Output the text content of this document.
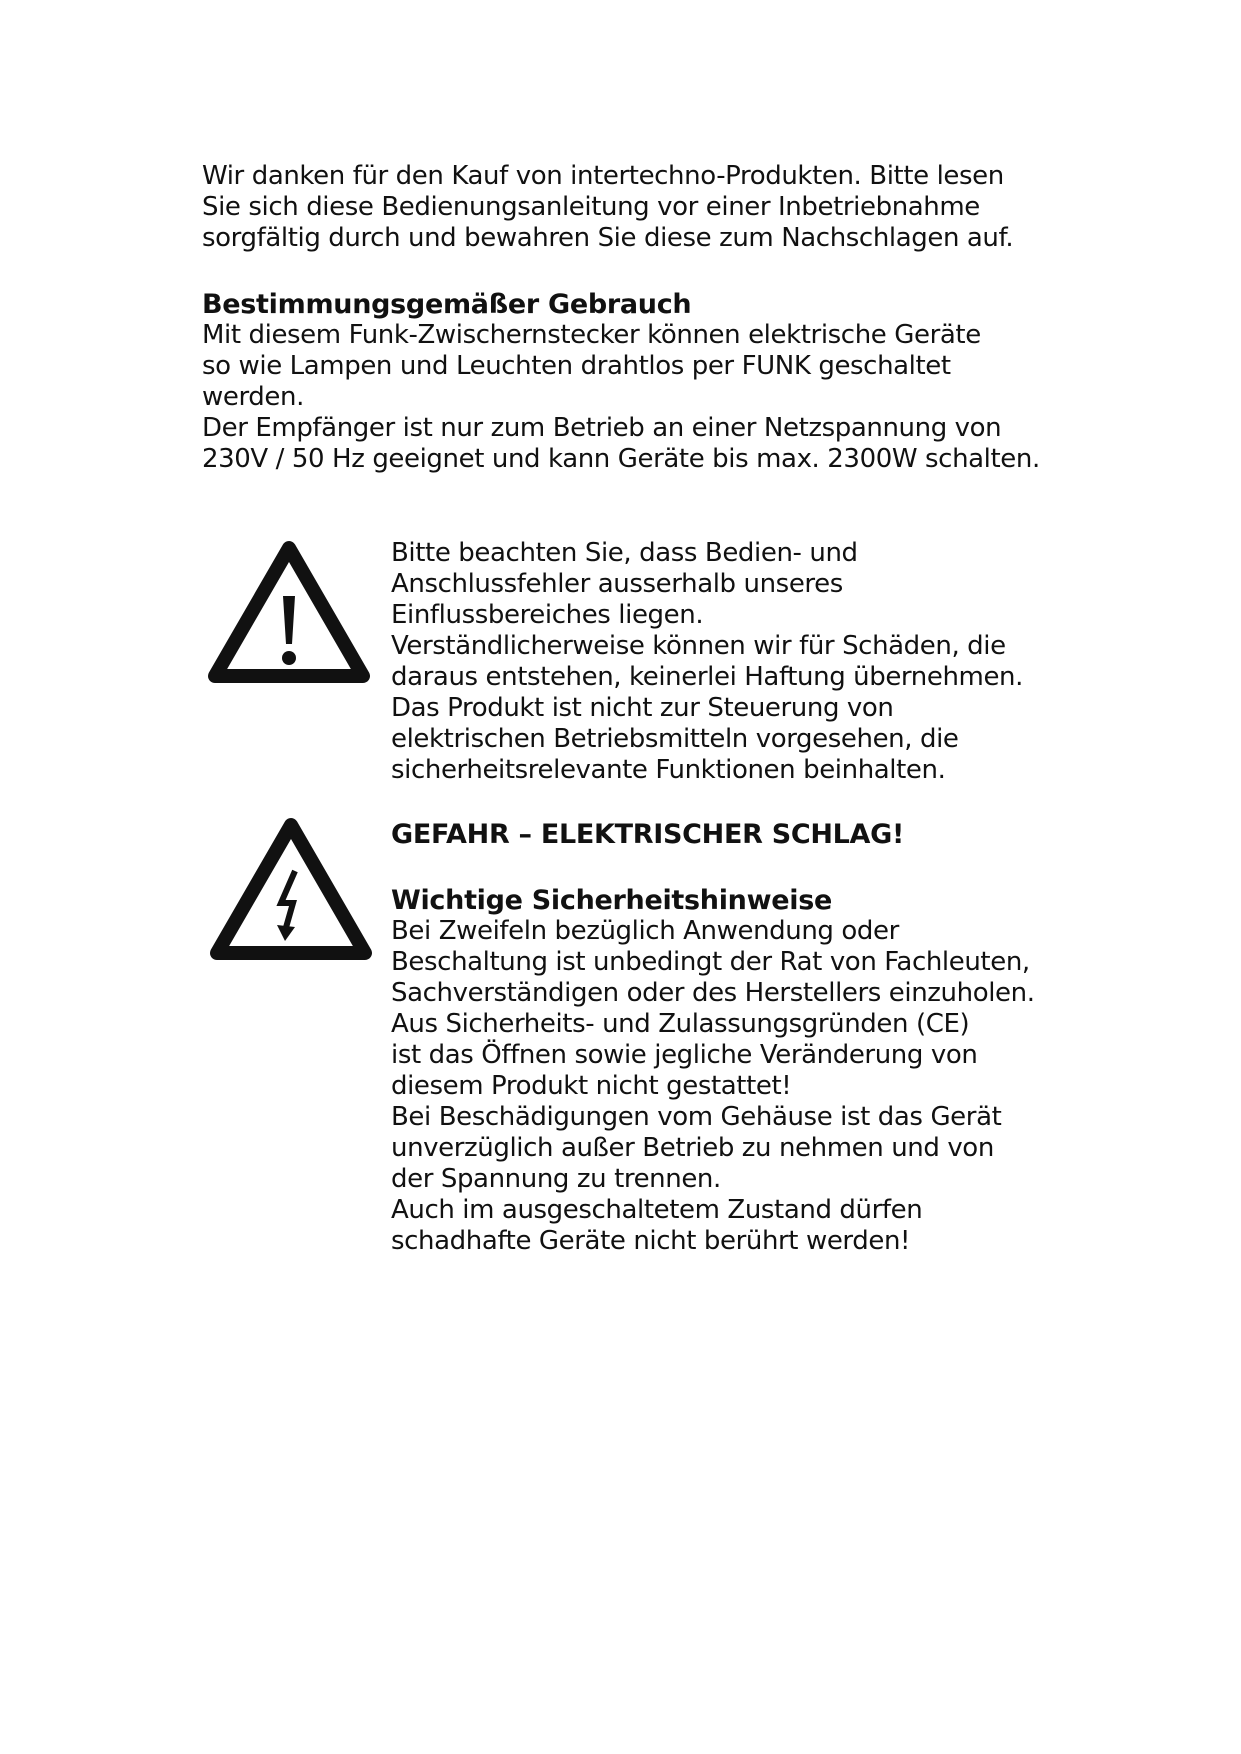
Wir danken für den Kauf von intertechno-Produkten. Bitte lesen
Sie sich diese Bedienungsanleitung vor einer Inbetriebnahme
sorgfältig durch und bewahren Sie diese zum Nachschlagen auf.
Bestimmungsgemäßer Gebrauch
Mit diesem Funk-Zwischernstecker können elektrische Geräte
so wie Lampen und Leuchten drahtlos per FUNK geschaltet
werden.
Der Empfänger ist nur zum Betrieb an einer Netzspannung von
230V / 50 Hz geeignet und kann Geräte bis max. 2300W schalten.
Bitte beachten Sie, dass Bedien- und
Anschlussfehler ausserhalb unseres
Einflussbereiches liegen.
Verständlicherweise können wir für Schäden, die
daraus entstehen, keinerlei Haftung übernehmen.
Das Produkt ist nicht zur Steuerung von
elektrischen Betriebsmitteln vorgesehen, die
sicherheitsrelevante Funktionen beinhalten.
GEFAHR – ELEKTRISCHER SCHLAG!
Wichtige Sicherheitshinweise
Bei Zweifeln bezüglich Anwendung oder
Beschaltung ist unbedingt der Rat von Fachleuten,
Sachverständigen oder des Herstellers einzuholen.
Aus Sicherheits- und Zulassungsgründen (CE)
ist das Öffnen sowie jegliche Veränderung von
diesem Produkt nicht gestattet!
Bei Beschädigungen vom Gehäuse ist das Gerät
unverzüglich außer Betrieb zu nehmen und von
der Spannung zu trennen.
Auch im ausgeschaltetem Zustand dürfen
schadhafte Geräte nicht berührt werden!
